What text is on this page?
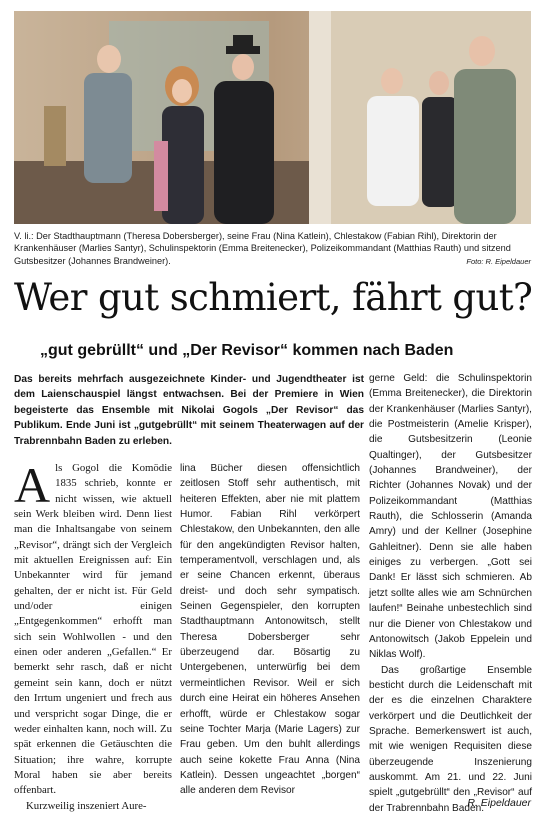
V. li.: Der Stadthauptmann (Theresa Dobersberger), seine Frau (Nina Katlein), Chlestakow (Fabian Rihl), Direktorin der Krankenhäuser (Marlies Santyr), Schulinspektorin (Emma Breitenecker), Polizeikommandant (Matthias Rauth) und sitzend Gutsbesitzer (Johannes Brandweiner).	Foto: R. Eipeldauer
Wer gut schmiert, fährt gut?
„gut gebrüllt“ und „Der Revisor“ kommen nach Baden
Das bereits mehrfach ausgezeichnete Kinder- und Jugendtheater ist dem Laienschauspiel längst entwachsen. Bei der Premiere in Wien begeisterte das Ensemble mit Nikolai Gogols „Der Revisor“ das Publikum. Ende Juni ist „gutgebrüllt“ mit seinem Theaterwagen auf der Trabrennbahn Baden zu erleben.

A ls Gogol die Komödie 1835 schrieb, konnte er nicht wissen, wie aktuell sein Werk bleiben wird. Denn liest man die Inhaltsangabe von seinem „Revisor“, drängt sich der Vergleich mit aktuellen Ereignissen auf: Ein Unbekannter wird für jemand gehalten, der er nicht ist. Für Geld und/oder einigen „Entgegenkommen“ erhofft man sich sein Wohlwollen - und den einen oder anderen „Gefallen.“ Er bemerkt sehr rasch, daß er nicht gemeint sein kann, doch er nützt den Irrtum ungeniert und frech aus und verspricht sogar Dinge, die er weder einhalten kann, noch will. Zu spät erkennen die Getäuschten die Situation; ihre wahre, korrupte Moral haben sie aber bereits offenbart.

Kurzweilig inszeniert Aure-

lina Bücher diesen offensichtlich zeitlosen Stoff sehr authentisch, mit heiteren Effekten, aber nie mit plattem Humor. Fabian Rihl verkörpert Chlestakow, den Unbekannten, den alle für den angekündigten Revisor halten, temperamentvoll, verschlagen und, als er seine Chancen erkennt, überaus dreist- und doch sehr sympatisch. Seinen Gegenspieler, den korrupten Stadthauptmann Antonowitsch, stellt Theresa Dobersberger sehr überzeugend dar. Bösartig zu Untergebenen, unterwürfig bei dem vermeintlichen Revisor. Weil er sich durch eine Heirat ein höheres Ansehen erhofft, würde er Chlestakow sogar seine Tochter Marja (Marie Lagers) zur Frau geben. Um den buhlt allerdings auch seine kokette Frau Anna (Nina Katlein). Dessen ungeachtet „borgen“ alle anderen dem Revisor

gerne Geld: die Schulinspektorin (Emma Breitenecker), die Direktorin der Krankenhäuser (Marlies Santyr), die Postmeisterin (Amelie Krisper), die Gutsbesitzerin (Leonie Qualtinger), der Gutsbesitzer (Johannes Brandweiner), der Richter (Johannes Novak) und der Polizeikommandant (Matthias Rauth), die Schlosserin (Amanda Amry) und der Kellner (Josephine Gahleitner). Denn sie alle haben einiges zu verbergen. „Gott sei Dank! Er lässt sich schmieren. Ab jetzt sollte alles wie am Schnürchen laufen!“ Beinahe unbestechlich sind nur die Diener von Chlestakow und Antonowitsch (Jakob Eppelein und Niklas Wolf).

Das großartige Ensemble besticht durch die Leidenschaft mit der es die einzelnen Charaktere verkörpert und die Deutlichkeit der Sprache. Bemerkenswert ist auch, mit wie wenigen Requisiten diese überzeugende Inszenierung auskommt. Am 21. und 22. Juni spielt „gutgebrüllt“ den „Revisor“ auf der Trabrennbahn Baden.

R. Eipeldauer
